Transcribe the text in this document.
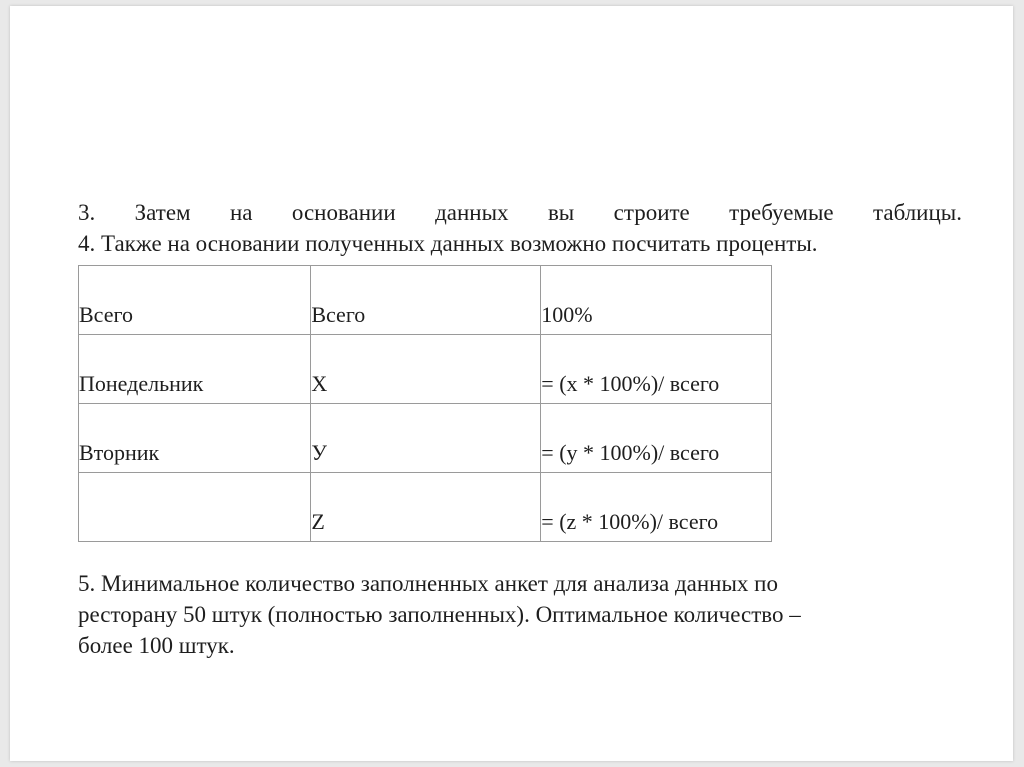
3. Затем на основании данных вы строите требуемые таблицы.
4. Также на основании полученных данных возможно посчитать проценты.
Всего	Всего	100%
Понедельник	Х	= (х * 100%)/ всего
Вторник	У	= (у * 100%)/ всего
	Z	= (z * 100%)/ всего
5. Минимальное количество заполненных анкет для анализа данных по
ресторану 50 штук (полностью заполненных). Оптимальное количество –
более 100 штук.
